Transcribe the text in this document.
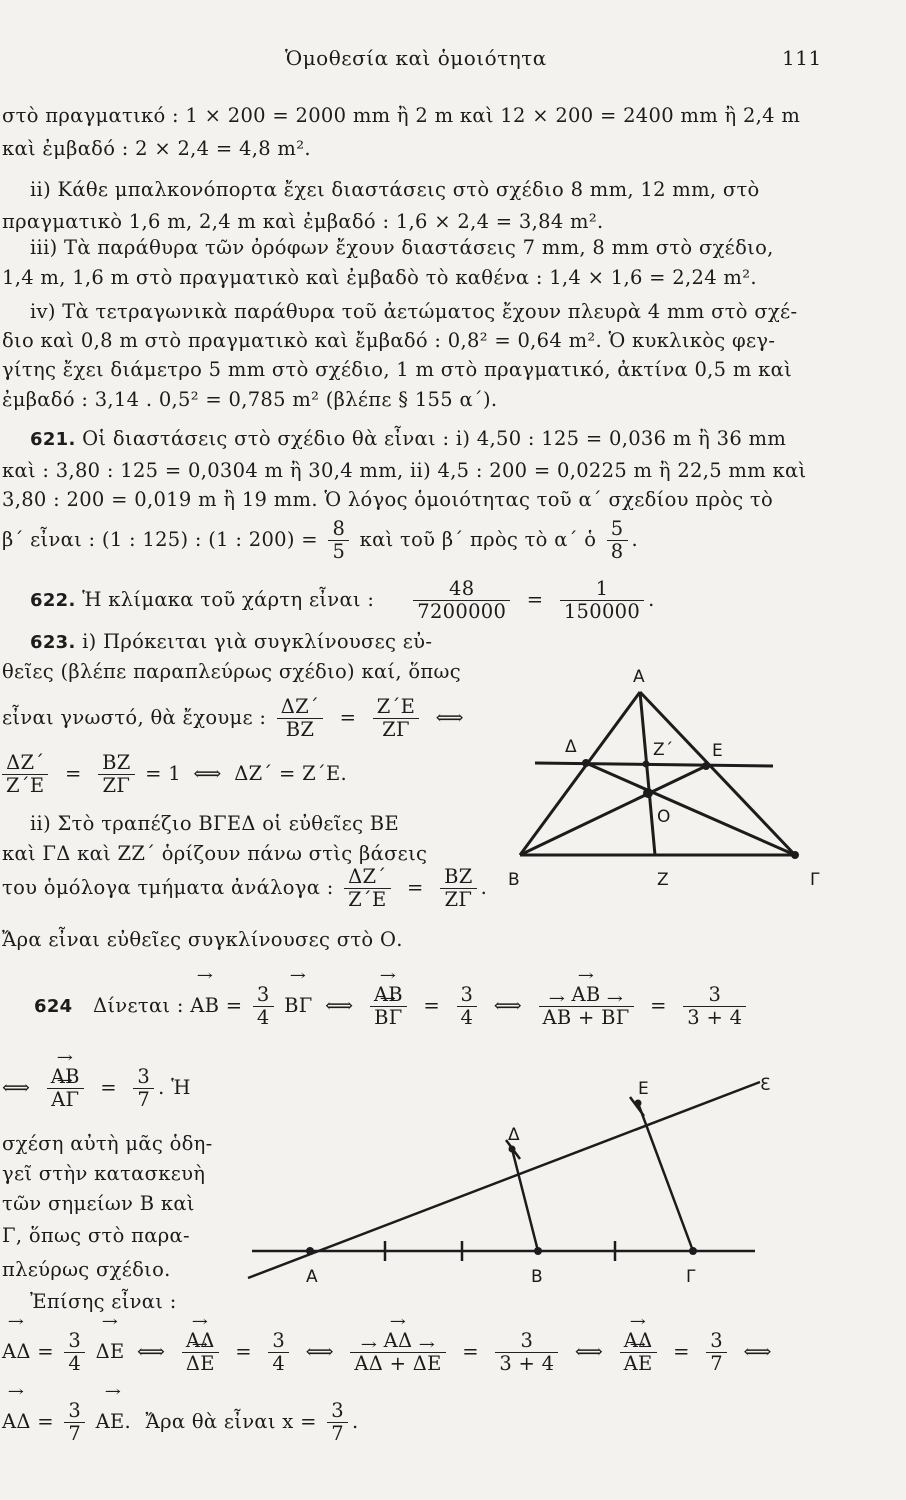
Ὁμοθεσία καὶ ὁμοιότητα	111
στὸ πραγματικό : 1 × 200 = 2000 mm ἢ 2 m καὶ 12 × 200 = 2400 mm ἢ 2,4 m
καὶ ἐμβαδό : 2 × 2,4 = 4,8 m².
ii) Κάθε μπαλκονόπορτα ἔχει διαστάσεις στὸ σχέδιο 8 mm, 12 mm, στὸ
πραγματικὸ 1,6 m, 2,4 m καὶ ἐμβαδό : 1,6 × 2,4 = 3,84 m².
iii) Τὰ παράθυρα τῶν ὀρόφων ἔχουν διαστάσεις 7 mm, 8 mm στὸ σχέδιο,
1,4 m, 1,6 m στὸ πραγματικὸ καὶ ἐμβαδὸ τὸ καθένα : 1,4 × 1,6 = 2,24 m².
iv) Τὰ τετραγωνικὰ παράθυρα τοῦ ἀετώματος ἔχουν πλευρὰ 4 mm στὸ σχέ-
διο καὶ 0,8 m στὸ πραγματικὸ καὶ ἔμβαδό : 0,8² = 0,64 m². Ὁ κυκλικὸς φεγ-
γίτης ἔχει διάμετρο 5 mm στὸ σχέδιο, 1 m στὸ πραγματικό, ἀκτίνα 0,5 m καὶ
ἐμβαδό : 3,14 . 0,5² = 0,785 m² (βλέπε § 155 α΄).
621. Οἱ διαστάσεις στὸ σχέδιο θὰ εἶναι : i) 4,50 : 125 = 0,036 m ἢ 36 mm
καὶ : 3,80 : 125 = 0,0304 m ἢ 30,4 mm, ii) 4,5 : 200 = 0,0225 m ἢ 22,5 mm καὶ
3,80 : 200 = 0,019 m ἢ 19 mm. Ὁ λόγος ὁμοιότητας τοῦ α΄ σχεδίου πρὸς τὸ
β΄ εἶναι : (1 : 125) : (1 : $200) = \frac{8}{5}$ καὶ τοῦ β΄ πρὸς τὸ α΄ ὁ $\frac{5}{8}$ .
622. Ἡ κλίμακα τοῦ χάρτη εἶναι : $\frac{48}{7200000} = \frac{1}{150000}$ .
623. i) Πρόκειται γιὰ συγκλίνουσες εὐ-
θεῖες (βλέπε παραπλεύρως σχέδιο) καί, ὅπως
εἶναι γνωστό, θὰ ἔχουμε : $\frac{\Delta Z΄}{BZ} = \frac{Z΄E}{Z\Gamma}$ ⟺
$\frac{\Delta Z΄}{Z΄E} = \frac{BZ}{Z\Gamma} = 1$ ⟺ ΔΖ΄ = Ζ΄Ε.
ii) Στὸ τραπέζιο ΒΓΕΔ οἱ εὐθεῖες ΒΕ
καὶ ΓΔ καὶ ΖΖ΄ ὁρίζουν πάνω στὶς βάσεις
του ὁμόλογα τμήματα ἀνάλογα : $\frac{\Delta Z΄}{Z΄E} = \frac{BZ}{Z\Gamma}$ .
Ἄρα εἶναι εὐθεῖες συγκλίνουσες στὸ Ο.
624 Δίνεται : → $AB = \frac{3}{4}$
→ ΒΓ ⟺
→ ΑΒ
→ $B\Gamma = \frac{3}{4}$ ⟺
→ ΑΒ
→ ΑΒ + → $B\Gamma = \frac{3}{3 + 4}$
⟺
→ ΑΒ
→ $A\Gamma = \frac{3}{7}$ . Ἡ
σχέση αὐτὴ μᾶς ὁδη-
γεῖ στὴν κατασκευὴ
τῶν σημείων Β καὶ
Γ, ὅπως στὸ παρα-
πλεύρως σχέδιο.
Ἐπίσης εἶναι :
→ $A\Delta = \frac{3}{4}$
→ ΔΕ ⟺
→ ΑΔ
→ $\Delta E = \frac{3}{4}$ ⟺
→ ΑΔ
→ ΑΔ + → $\Delta E = \frac{3}{3 + 4}$ ⟺
→ ΑΔ
→ $AE = \frac{3}{7}$ ⟺
→ $A\Delta = \frac{3}{7}$
→ ΑΕ. Ἄρα θὰ εἶναι $x = \frac{3}{7}$ .
A
Δ	Ζ΄ E
O
B	Z	Γ
Ɛ
E
Δ
A	B	Γ
